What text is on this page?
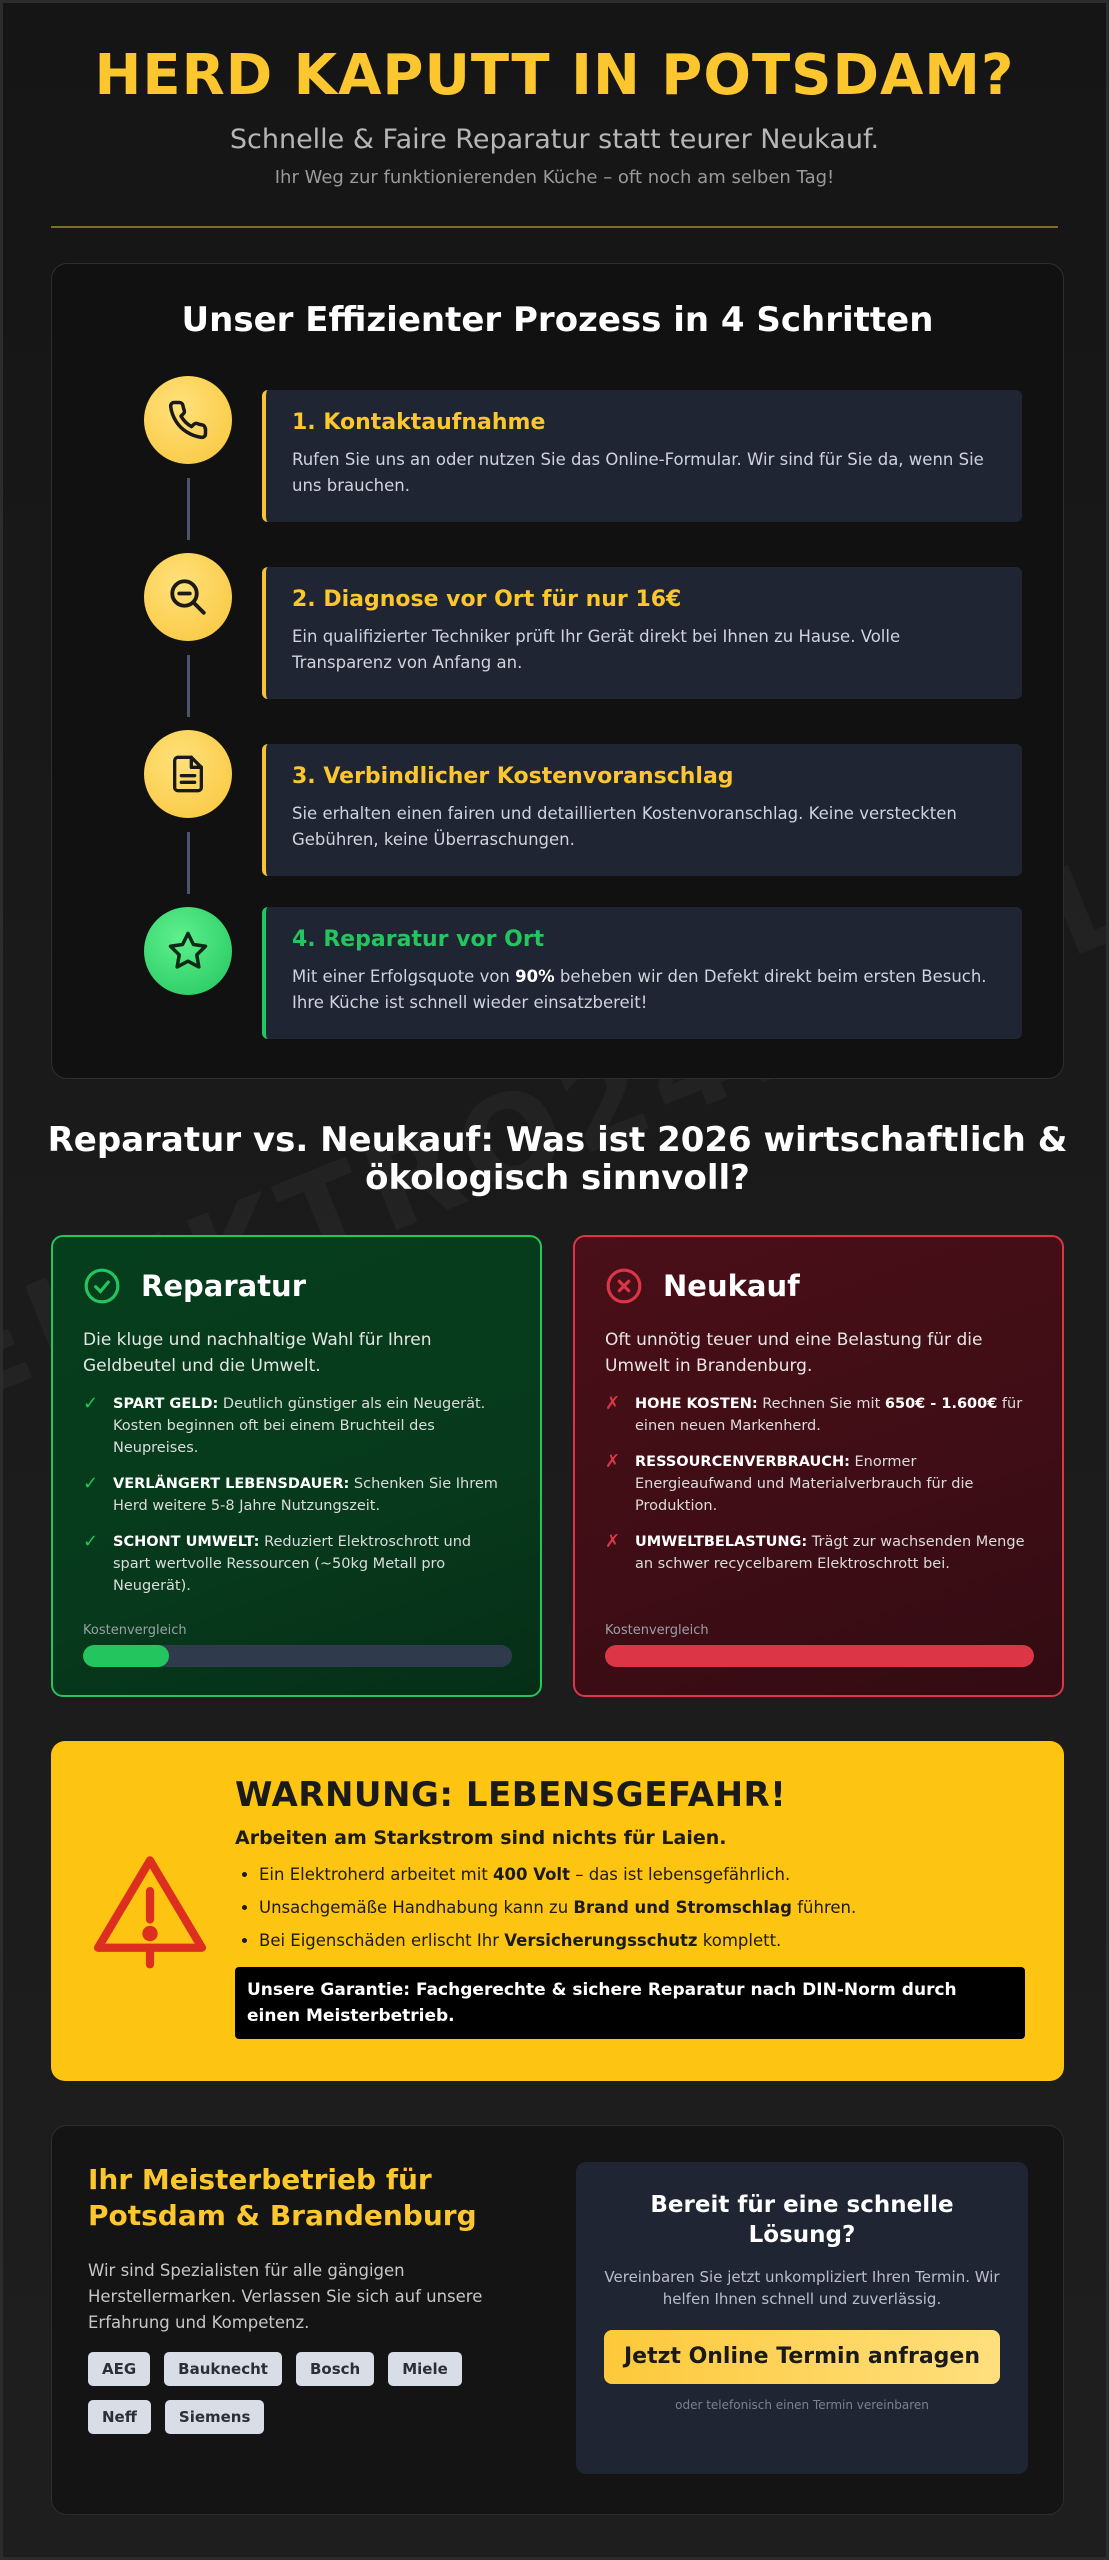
HERD KAPUTT IN POTSDAM?
Schnelle & Faire Reparatur statt teurer Neukauf.
Ihr Weg zur funktionierenden Küche – oft noch am selben Tag!
Unser Effizienter Prozess in 4 Schritten
1. Kontaktaufnahme
Rufen Sie uns an oder nutzen Sie das Online-Formular. Wir sind für Sie da, wenn Sie uns brauchen.
2. Diagnose vor Ort für nur 16€
Ein qualifizierter Techniker prüft Ihr Gerät direkt bei Ihnen zu Hause. Volle Transparenz von Anfang an.
3. Verbindlicher Kostenvoranschlag
Sie erhalten einen fairen und detaillierten Kostenvoranschlag. Keine versteckten Gebühren, keine Überraschungen.
4. Reparatur vor Ort
Mit einer Erfolgsquote von 90% beheben wir den Defekt direkt beim ersten Besuch. Ihre Küche ist schnell wieder einsatzbereit!
Reparatur vs. Neukauf: Was ist 2026 wirtschaftlich & ökologisch sinnvoll?
Reparatur
Die kluge und nachhaltige Wahl für Ihren Geldbeutel und die Umwelt.
✓	SPART GELD: Deutlich günstiger als ein Neugerät. Kosten beginnen oft bei einem Bruchteil des Neupreises.
✓	VERLÄNGERT LEBENSDAUER: Schenken Sie Ihrem Herd weitere 5-8 Jahre Nutzungszeit.
✓	SCHONT UMWELT: Reduziert Elektroschrott und spart wertvolle Ressourcen (~50kg Metall pro Neugerät).
Kostenvergleich
Neukauf
Oft unnötig teuer und eine Belastung für die Umwelt in Brandenburg.
✗	HOHE KOSTEN: Rechnen Sie mit 650€ - 1.600€ für einen neuen Markenherd.
✗	RESSOURCENVERBRAUCH: Enormer Energieaufwand und Materialverbrauch für die Produktion.
✗	UMWELTBELASTUNG: Trägt zur wachsenden Menge an schwer recycelbarem Elektroschrott bei.
Kostenvergleich
WARNUNG: LEBENSGEFAHR!
Arbeiten am Starkstrom sind nichts für Laien.
• Ein Elektroherd arbeitet mit 400 Volt – das ist lebensgefährlich.
• Unsachgemäße Handhabung kann zu Brand und Stromschlag führen.
• Bei Eigenschäden erlischt Ihr Versicherungsschutz komplett.
Unsere Garantie: Fachgerechte & sichere Reparatur nach DIN-Norm durch einen Meisterbetrieb.
Ihr Meisterbetrieb für Potsdam & Brandenburg

Wir sind Spezialisten für alle gängigen Herstellermarken. Verlassen Sie sich auf unsere Erfahrung und Kompetenz.

AEG	Bauknecht	Bosch	Miele
Neff	Siemens
Bereit für eine schnelle Lösung?
Vereinbaren Sie jetzt unkompliziert Ihren Termin. Wir helfen Ihnen schnell und zuverlässig.
Jetzt Online Termin anfragen
oder telefonisch einen Termin vereinbaren
